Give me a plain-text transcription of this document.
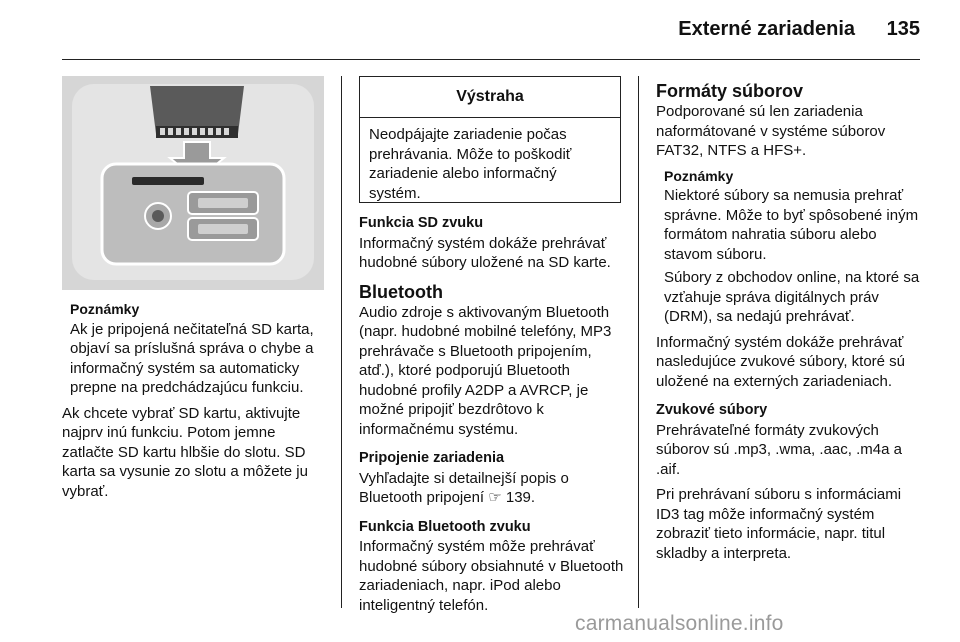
Externé zariadenia 135

Poznámky

Ak je pripojená nečitateľná SD karta, objaví sa príslušná správa o chybe a informačný systém sa automaticky prepne na predchádzajúcu funkciu.

Ak chcete vybrať SD kartu, aktivujte najprv inú funkciu. Potom jemne zatlačte SD kartu hlbšie do slotu. SD karta sa vysunie zo slotu a môžete ju vybrať.

Výstraha
Neodpájajte zariadenie počas prehrávania. Môže to poškodiť zariadenie alebo informačný systém.

Funkcia SD zvuku

Informačný systém dokáže prehrávať hudobné súbory uložené na SD karte.

Bluetooth

Audio zdroje s aktivovaným Bluetooth (napr. hudobné mobilné telefóny, MP3 prehrávače s Bluetooth pripojením, atď.), ktoré podporujú Bluetooth hudobné profily A2DP a AVRCP, je možné pripojiť bezdrôtovo k informačnému systému.

Pripojenie zariadenia

Vyhľadajte si detailnejší popis o Bluetooth pripojení ☞ 139.

Funkcia Bluetooth zvuku

Informačný systém môže prehrávať hudobné súbory obsiahnuté v Bluetooth zariadeniach, napr. iPod alebo inteligentný telefón.

Formáty súborov

Podporované sú len zariadenia naformátované v systéme súborov FAT32, NTFS a HFS+.

Poznámky

Niektoré súbory sa nemusia prehrať správne. Môže to byť spôsobené iným formátom nahratia súboru alebo stavom súboru.

Súbory z obchodov online, na ktoré sa vzťahuje správa digitálnych práv (DRM), sa nedajú prehrávať.

Informačný systém dokáže prehrávať nasledujúce zvukové súbory, ktoré sú uložené na externých zariadeniach.

Zvukové súbory

Prehrávateľné formáty zvukových súborov sú .mp3, .wma, .aac, .m4a a .aif.

Pri prehrávaní súboru s informáciami ID3 tag môže informačný systém zobraziť tieto informácie, napr. titul skladby a interpreta.

carmanualsonline.info
